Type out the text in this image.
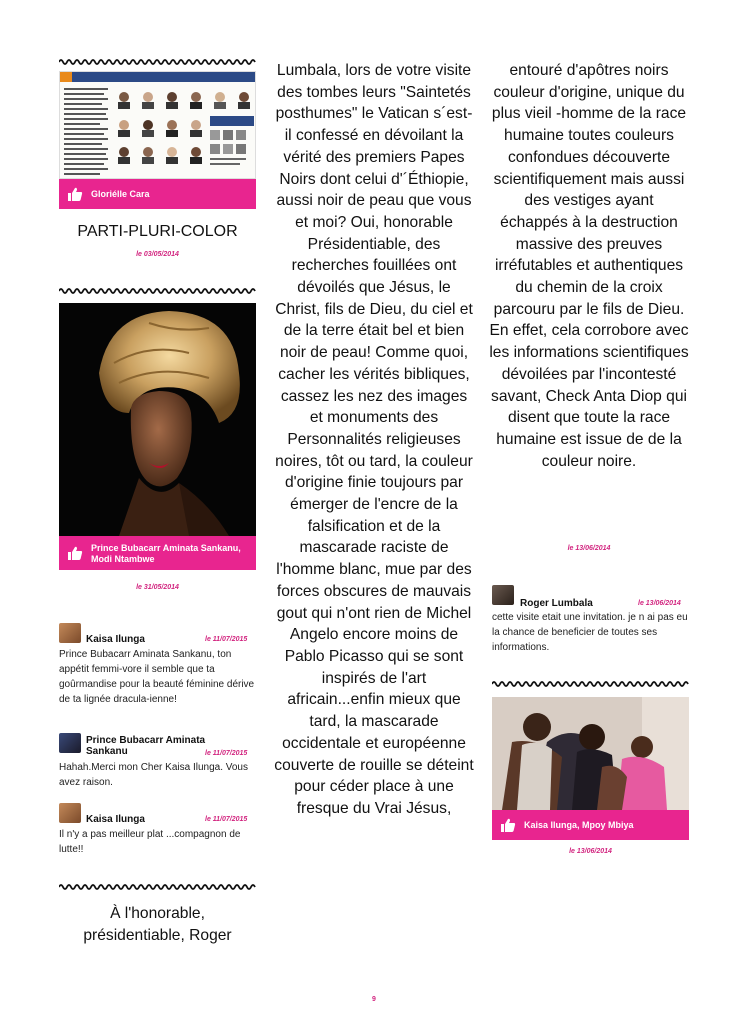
Gloriélle Cara
PARTI-PLURI-COLOR
le 03/05/2014
Prince Bubacarr Aminata Sankanu, Modi Ntambwe
le 31/05/2014
Kaisa Ilunga	le 11/07/2015
Prince Bubacarr Aminata Sankanu, ton appétit femmi-vore il semble que ta goûrmandise pour la beauté féminine dérive de ta lignée dracula-ienne!
Prince Bubacarr Aminata Sankanu	le 11/07/2015
Hahah.Merci mon Cher Kaisa Ilunga. Vous avez raison.
Kaisa Ilunga	le 11/07/2015
Il n'y a pas meilleur plat ...compagnon de lutte!!
À l'honorable, présidentiable, Roger
Lumbala, lors de votre visite des tombes leurs "Saintetés posthumes" le Vatican s´est-il confessé en dévoilant la vérité des premiers Papes Noirs dont celui d'´Éthiopie, aussi noir de peau que vous et moi? Oui, honorable Présidentiable, des recherches fouillées ont dévoilés que Jésus, le Christ, fils de Dieu, du ciel et de la terre était bel et bien noir de peau! Comme quoi, cacher les vérités bibliques, cassez les nez des images et monuments des Personnalités religieuses noires, tôt ou tard, la couleur d'origine finie toujours par émerger de l'encre de la falsification et de la mascarade raciste de l'homme blanc, mue par des forces obscures de mauvais gout qui n'ont rien de Michel Angelo encore moins de Pablo Picasso qui se sont inspirés de l'art africain...enfin mieux que tard, la mascarade occidentale et européenne couverte de rouille se déteint pour céder place à une fresque du Vrai Jésus,
entouré d'apôtres noirs couleur d'origine, unique du plus vieil -homme de la race humaine toutes couleurs confondues découverte scientifiquement mais aussi des vestiges ayant échappés à la destruction massive des preuves irréfutables et authentiques du chemin de la croix parcouru par le fils de Dieu. En effet, cela corrobore avec les informations scientifiques dévoilées par l'incontesté savant, Check Anta Diop qui disent que toute la race humaine est issue de de la couleur noire.
le 13/06/2014
Roger Lumbala	le 13/06/2014
cette visite etait une invitation. je n ai pas eu la chance de beneficier de toutes ses informations.
Kaisa Ilunga, Mpoy Mbiya
le 13/06/2014
9
